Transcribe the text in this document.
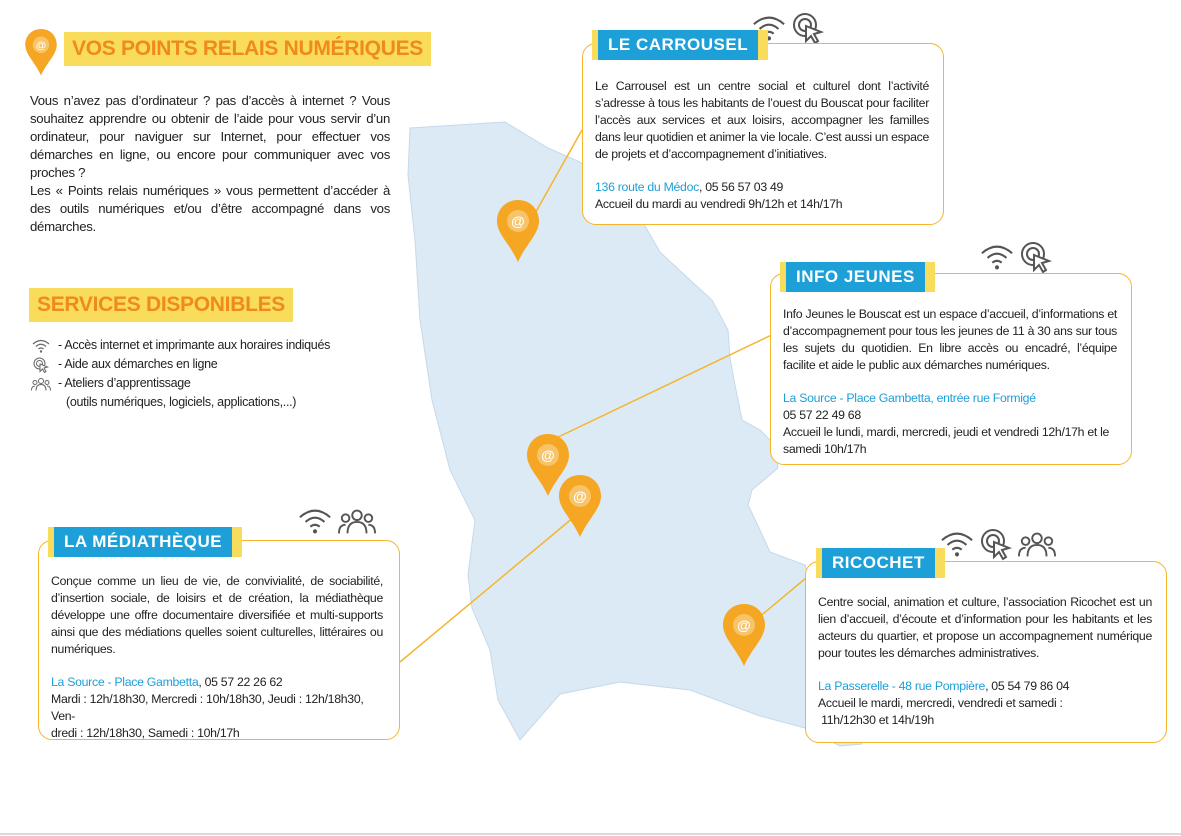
VOS POINTS RELAIS NUMÉRIQUES

Vous n’avez pas d’ordinateur ? pas d’accès à internet ? Vous souhaitez apprendre ou obtenir de l’aide pour vous servir d’un ordinateur, pour naviguer sur Internet, pour effectuer vos démarches en ligne, ou encore pour communiquer avec vos proches ?

Les « Points relais numériques » vous permettent d’accéder à des outils numériques et/ou d’être accompagné dans vos démarches.

SERVICES DISPONIBLES
- Accès internet et imprimante aux horaires indiqués
- Aide aux démarches en ligne
- Ateliers d’apprentissage
(outils numériques, logiciels, applications,...)
Le Carrousel est un centre social et culturel dont l’activité s’adresse à tous les habitants de l’ouest du Bouscat pour faciliter l’accès aux services et aux loisirs, accompagner les familles dans leur quotidien et animer la vie locale. C’est aussi un espace de projets et d’accompagnement d’initiatives.
136 route du Médoc, 05 56 57 03 49
Accueil du mardi au vendredi 9h/12h et 14h/17h
LE CARROUSEL
Info Jeunes le Bouscat est un espace d’accueil, d’informations et d’accompagnement pour tous les jeunes de 11 à 30 ans sur tous les sujets du quotidien. En libre accès ou encadré, l’équipe facilite et aide le public aux démarches numériques.
La Source - Place Gambetta, entrée rue Formigé
05 57 22 49 68
Accueil le lundi, mardi, mercredi, jeudi et vendredi 12h/17h et le samedi 10h/17h
INFO JEUNES
Conçue comme un lieu de vie, de convivialité, de sociabilité, d’insertion sociale, de loisirs et de création, la médiathèque développe une offre documentaire diversifiée et multi-supports ainsi que des médiations quelles soient culturelles, littéraires ou numériques.
La Source - Place Gambetta, 05 57 22 26 62
Mardi : 12h/18h30, Mercredi : 10h/18h30, Jeudi : 12h/18h30, Ven-
dredi : 12h/18h30, Samedi : 10h/17h
LA MÉDIATHÈQUE
Centre social, animation et culture, l’association Ricochet est un lien d’accueil, d’écoute et d’information pour les habitants et les acteurs du quartier, et propose un accompagnement numérique pour toutes les démarches administratives.
La Passerelle - 48 rue Pompière, 05 54 79 86 04
Accueil le mardi, mercredi, vendredi et samedi :
11h/12h30 et 14h/19h
RICOCHET
